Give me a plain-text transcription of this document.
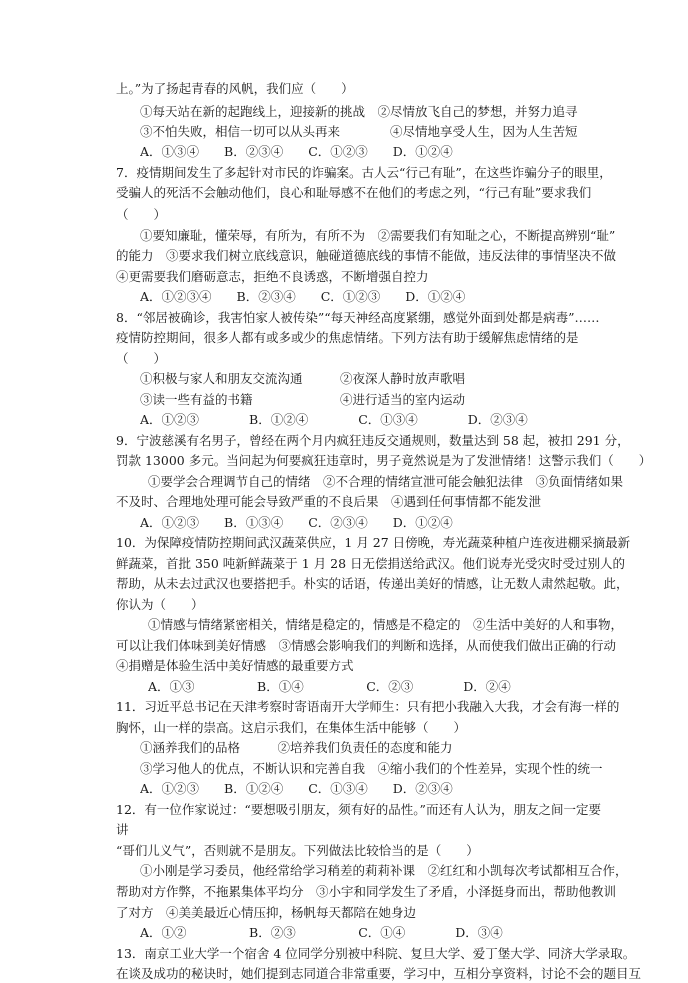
上。”为了扬起青春的风帆，我们应（　　）
①每天站在新的起跑线上，迎接新的挑战　②尽情放飞自己的梦想，并努力追寻
③不怕失败，相信一切可以从头再来　　　　④尽情地享受人生，因为人生苦短
A．①③④　　B．②③④　　C．①②③　　D．①②④
7．疫情期间发生了多起针对市民的诈骗案。古人云“行己有耻”，在这些诈骗分子的眼里，
受骗人的死活不会触动他们，良心和耻辱感不在他们的考虑之列，“行己有耻”要求我们
（　　）
①要知廉耻，懂荣辱，有所为，有所不为　②需要我们有知耻之心，不断提高辨别“耻”
的能力　③要求我们树立底线意识，触碰道德底线的事情不能做，违反法律的事情坚决不做
④更需要我们磨砺意志，拒绝不良诱惑，不断增强自控力
A．①②③④　　B．②③④　　C．①②③　　D．①②④
8．“邻居被确诊，我害怕家人被传染”“每天神经高度紧绷，感觉外面到处都是病毒”……
疫情防控期间，很多人都有或多或少的焦虑情绪。下列方法有助于缓解焦虑情绪的是
（　　）
①积极与家人和朋友交流沟通　　　②夜深人静时放声歌唱
③读一些有益的书籍　　　　　　　④进行适当的室内运动
A．①②③　　　　B．①②④　　　　C．①③④　　　　D．②③④
9．宁波慈溪有名男子，曾经在两个月内疯狂违反交通规则，数量达到 58 起，被扣 291 分，
罚款 13000 多元。当问起为何要疯狂违章时，男子竟然说是为了发泄情绪！这警示我们（　　）
①要学会合理调节自己的情绪　②不合理的情绪宣泄可能会触犯法律　③负面情绪如果
不及时、合理地处理可能会导致严重的不良后果　④遇到任何事情都不能发泄
A．①②③　　B．①③④　　C．②③④　　D．①②④
10．为保障疫情防控期间武汉蔬菜供应，1 月 27 日傍晚，寿光蔬菜种植户连夜进棚采摘最新
鲜蔬菜，首批 350 吨新鲜蔬菜于 1 月 28 日无偿捐送给武汉。他们说寿光受灾时受过别人的
帮助，从未去过武汉也要搭把手。朴实的话语，传递出美好的情感，让无数人肃然起敬。此，
你认为（　　）
①情感与情绪紧密相关，情绪是稳定的，情感是不稳定的　②生活中美好的人和事物，
可以让我们体味到美好情感　③情感会影响我们的判断和选择，从而使我们做出正确的行动
④捐赠是体验生活中美好情感的最重要方式
A．①③　　　　　B．①④　　　　　C．②③　　　　D．②④
11．习近平总书记在天津考察时寄语南开大学师生：只有把小我融入大我，才会有海一样的
胸怀，山一样的崇高。这启示我们，在集体生活中能够（　　）
①涵养我们的品格　　　②培养我们负责任的态度和能力
③学习他人的优点，不断认识和完善自我　④缩小我们的个性差异，实现个性的统一
A．①②③　　B．①②④　　C．①③④　　D．②③④
12．有一位作家说过：“要想吸引朋友，须有好的品性。”而还有人认为，朋友之间一定要
讲
“哥们儿义气”，否则就不是朋友。下列做法比较恰当的是（　　）
①小刚是学习委员，他经常给学习稍差的莉莉补课　②红红和小凯每次考试都相互合作，
帮助对方作弊，不拖累集体平均分　③小宇和同学发生了矛盾，小泽挺身而出，帮助他教训
了对方　④美美最近心情压抑，杨帆每天都陪在她身边
A．①②　　　　　B．②③　　　　　C．①④　　　　D．③④
13．南京工业大学一个宿舍 4 位同学分别被中科院、复旦大学、爱丁堡大学、同济大学录取。
在谈及成功的秘诀时，她们提到志同道合非常重要，学习中，互相分享资料，讨论不会的题目互
